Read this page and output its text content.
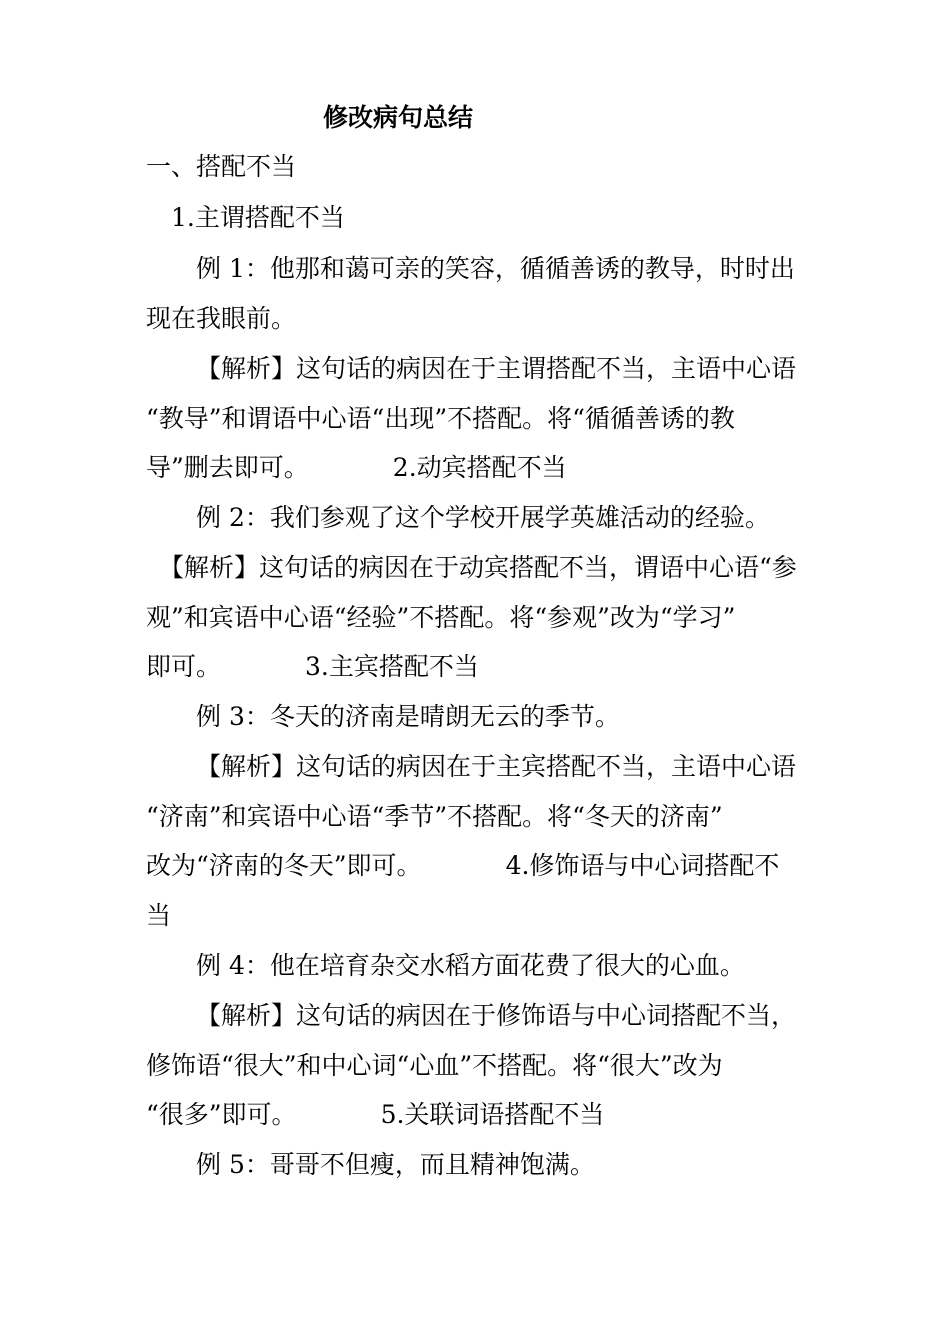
修改病句总结

一、搭配不当

1.主谓搭配不当

例 1：他那和蔼可亲的笑容，循循善诱的教导，时时出

现在我眼前。

【解析】这句话的病因在于主谓搭配不当，主语中心语

“教导”和谓语中心语“出现”不搭配。将“循循善诱的教

导”删去即可。	2.动宾搭配不当

例 2：我们参观了这个学校开展学英雄活动的经验。

【解析】这句话的病因在于动宾搭配不当，谓语中心语“参

观”和宾语中心语“经验”不搭配。将“参观”改为“学习”

即可。	3.主宾搭配不当

例 3：冬天的济南是晴朗无云的季节。

【解析】这句话的病因在于主宾搭配不当，主语中心语

“济南”和宾语中心语“季节”不搭配。将“冬天的济南”

改为“济南的冬天”即可。	4.修饰语与中心词搭配不

当

例 4：他在培育杂交水稻方面花费了很大的心血。

【解析】这句话的病因在于修饰语与中心词搭配不当，

修饰语“很大”和中心词“心血”不搭配。将“很大”改为

“很多”即可。	5.关联词语搭配不当

例 5：哥哥不但瘦，而且精神饱满。
